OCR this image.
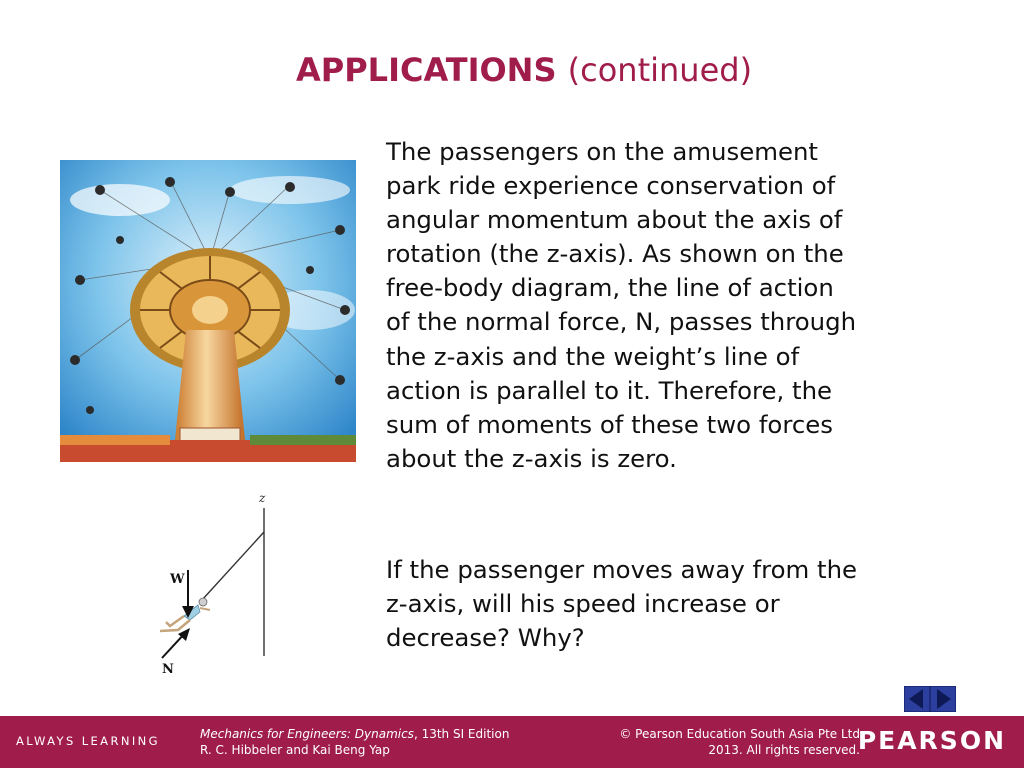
APPLICATIONS (continued)
z
W
N

The passengers on the amusement
park ride experience conservation of
angular momentum about the axis of
rotation (the z-axis). As shown on the
free-body diagram, the line of action
of the normal force, N, passes through
the z-axis and the weight’s line of
action is parallel to it. Therefore, the
sum of moments of these two forces
about the z-axis is zero.

If the passenger moves away from the
z-axis, will his speed increase or
decrease? Why?

ALWAYS LEARNING	Mechanics for Engineers: Dynamics, 13th SI Edition
R. C. Hibbeler and Kai Beng Yap
© Pearson Education South Asia Pte Ltd
2013. All rights reserved.
PEARSON
